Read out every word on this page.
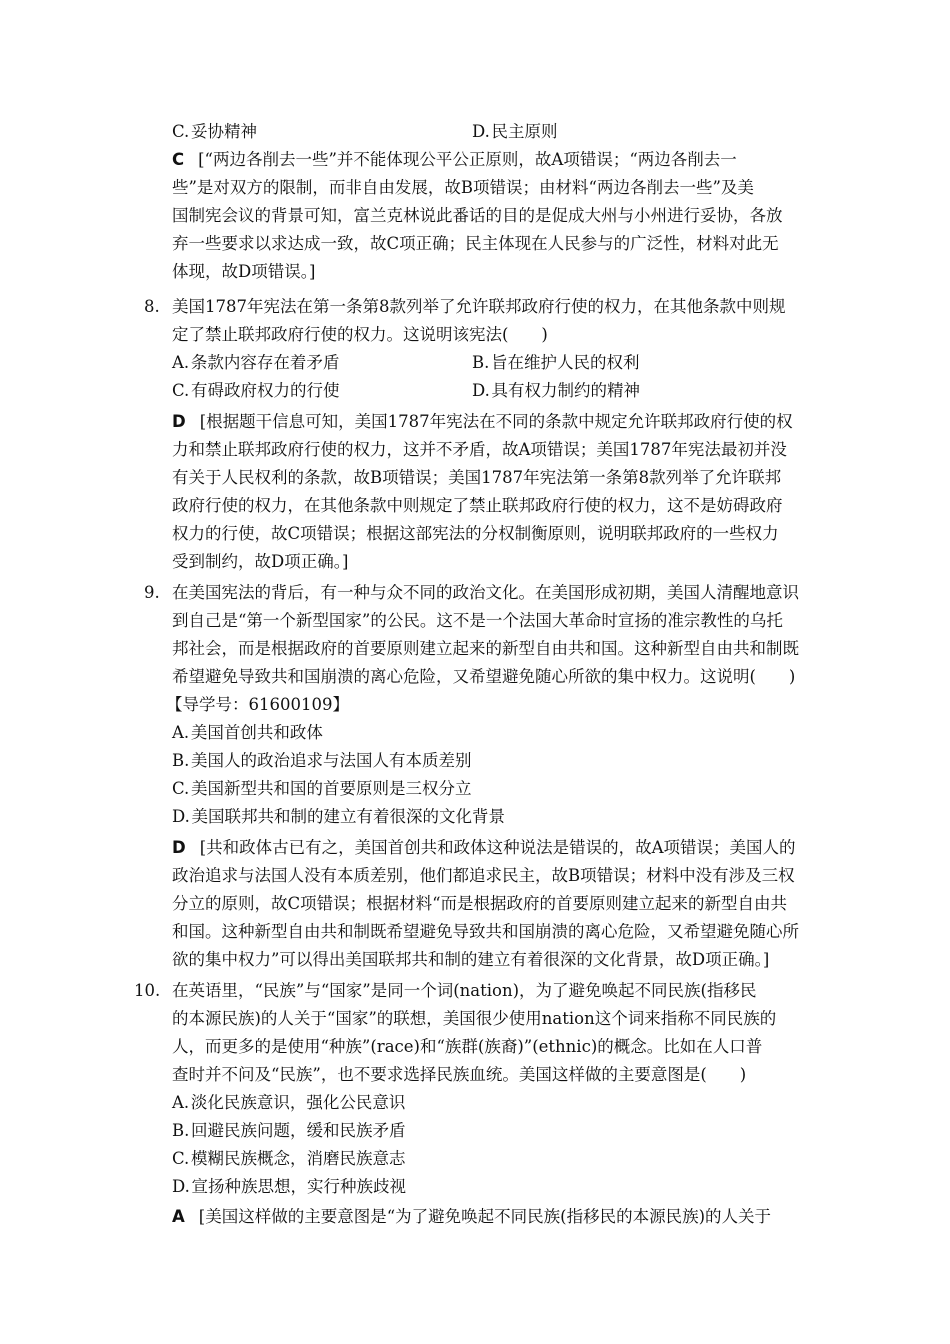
C.  妥协精神	D.  民主原则
C [“两边各削去一些”并不能体现公平公正原则，故A项错误；“两边各削去一
些”是对双方的限制，而非自由发展，故B项错误；由材料“两边各削去一些”及美
国制宪会议的背景可知，富兰克林说此番话的目的是促成大州与小州进行妥协，各放
弃一些要求以求达成一致，故C项正确；民主体现在人民参与的广泛性，材料对此无
体现，故D项错误。]
8. 美国1787年宪法在第一条第8款列举了允许联邦政府行使的权力，在其他条款中则规
定了禁止联邦政府行使的权力。这说明该宪法(　　)
A.  条款内容存在着矛盾	B.  旨在维护人民的权利
C.  有碍政府权力的行使	D.  具有权力制约的精神
D [根据题干信息可知，美国1787年宪法在不同的条款中规定允许联邦政府行使的权
力和禁止联邦政府行使的权力，这并不矛盾，故A项错误；美国1787年宪法最初并没
有关于人民权利的条款，故B项错误；美国1787年宪法第一条第8款列举了允许联邦
政府行使的权力，在其他条款中则规定了禁止联邦政府行使的权力，这不是妨碍政府
权力的行使，故C项错误；根据这部宪法的分权制衡原则，说明联邦政府的一些权力
受到制约，故D项正确。]
9. 在美国宪法的背后，有一种与众不同的政治文化。在美国形成初期，美国人清醒地意识
到自己是“第一个新型国家”的公民。这不是一个法国大革命时宣扬的准宗教性的乌托
邦社会，而是根据政府的首要原则建立起来的新型自由共和国。这种新型自由共和制既
希望避免导致共和国崩溃的离心危险，又希望避免随心所欲的集中权力。这说明(　　)
【导学号：61600109】
A.  美国首创共和政体
B.  美国人的政治追求与法国人有本质差别
C.  美国新型共和国的首要原则是三权分立
D.  美国联邦共和制的建立有着很深的文化背景
D [共和政体古已有之，美国首创共和政体这种说法是错误的，故A项错误；美国人的
政治追求与法国人没有本质差别，他们都追求民主，故B项错误；材料中没有涉及三权
分立的原则，故C项错误；根据材料“而是根据政府的首要原则建立起来的新型自由共
和国。这种新型自由共和制既希望避免导致共和国崩溃的离心危险，又希望避免随心所
欲的集中权力”可以得出美国联邦共和制的建立有着很深的文化背景，故D项正确。]
10. 在英语里，“民族”与“国家”是同一个词(nation)，为了避免唤起不同民族(指移民
的本源民族)的人关于“国家”的联想，美国很少使用nation这个词来指称不同民族的
人，而更多的是使用“种族”(race)和“族群(族裔)”(ethnic)的概念。比如在人口普
查时并不问及“民族”，也不要求选择民族血统。美国这样做的主要意图是(　　)
A.  淡化民族意识，强化公民意识
B.  回避民族问题，缓和民族矛盾
C.  模糊民族概念，消磨民族意志
D.  宣扬种族思想，实行种族歧视
A [美国这样做的主要意图是“为了避免唤起不同民族(指移民的本源民族)的人关于
